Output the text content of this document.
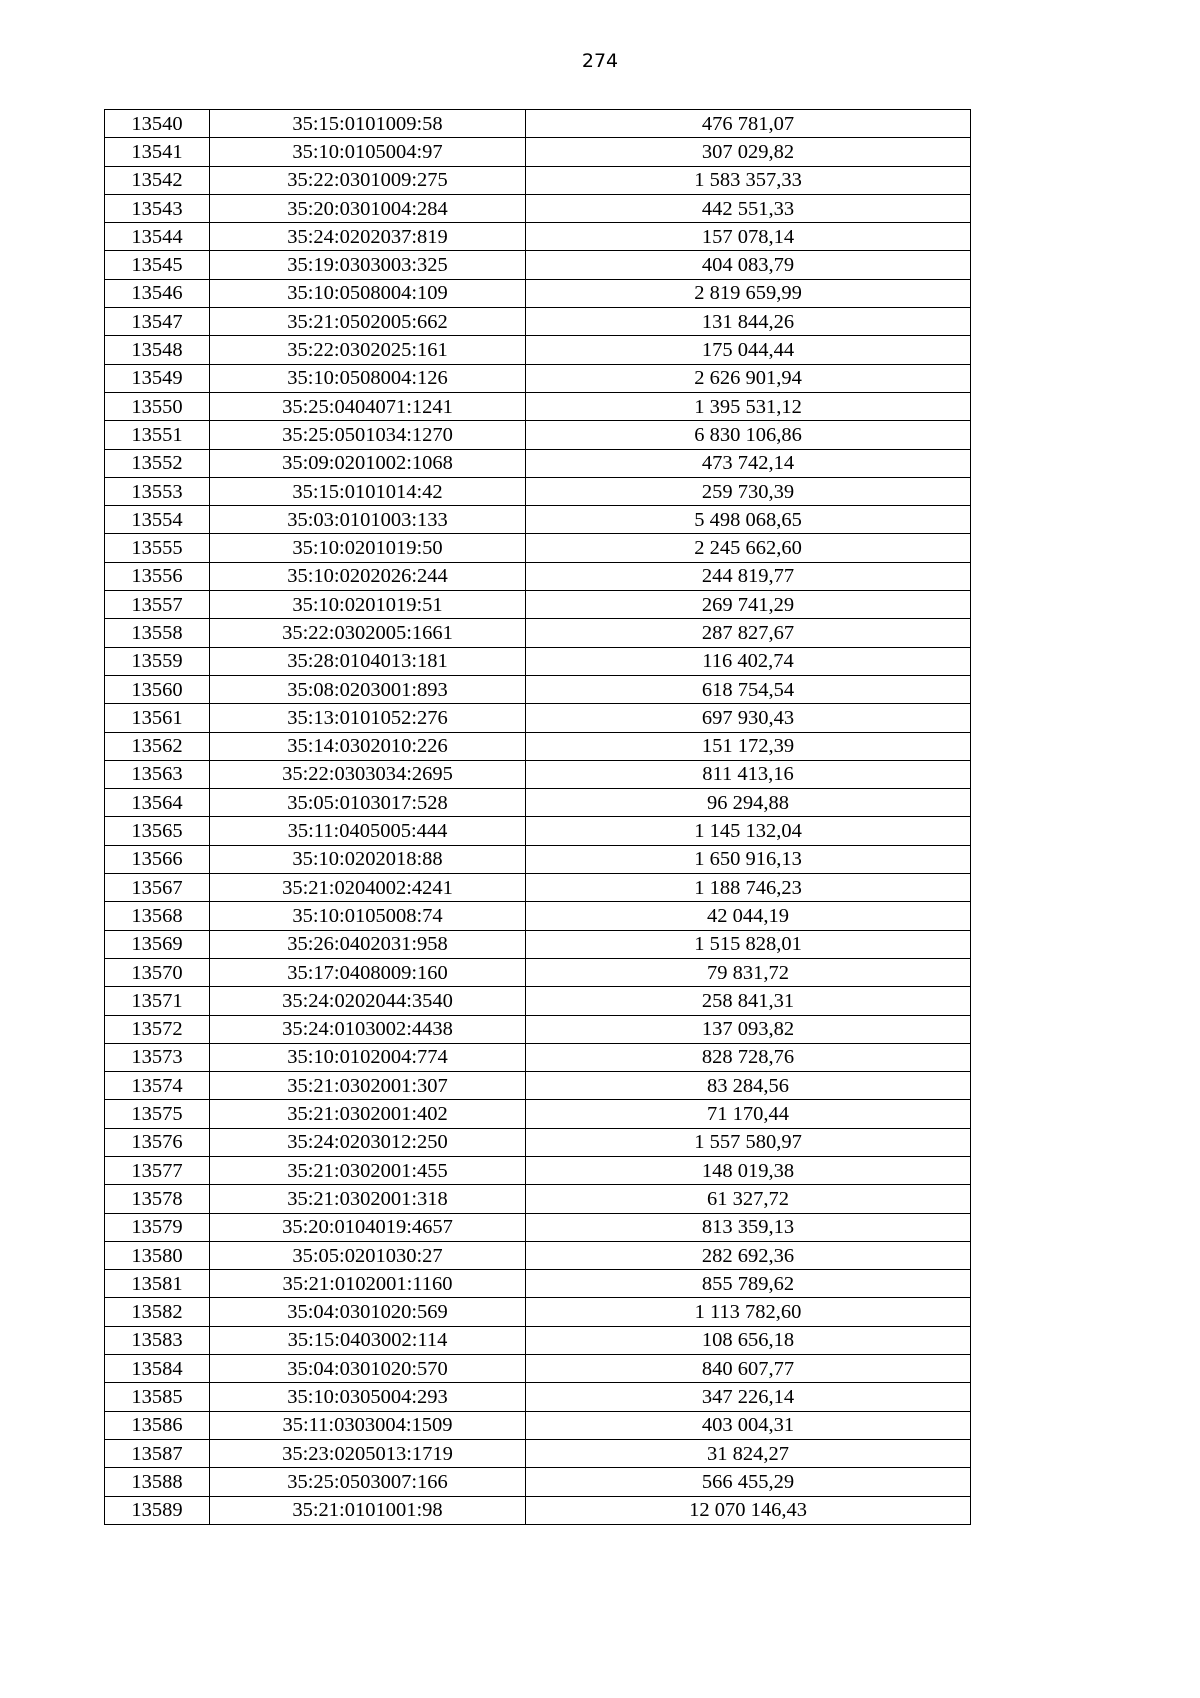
274
13540	35:15:0101009:58	476 781,07
13541	35:10:0105004:97	307 029,82
13542	35:22:0301009:275	1 583 357,33
13543	35:20:0301004:284	442 551,33
13544	35:24:0202037:819	157 078,14
13545	35:19:0303003:325	404 083,79
13546	35:10:0508004:109	2 819 659,99
13547	35:21:0502005:662	131 844,26
13548	35:22:0302025:161	175 044,44
13549	35:10:0508004:126	2 626 901,94
13550	35:25:0404071:1241	1 395 531,12
13551	35:25:0501034:1270	6 830 106,86
13552	35:09:0201002:1068	473 742,14
13553	35:15:0101014:42	259 730,39
13554	35:03:0101003:133	5 498 068,65
13555	35:10:0201019:50	2 245 662,60
13556	35:10:0202026:244	244 819,77
13557	35:10:0201019:51	269 741,29
13558	35:22:0302005:1661	287 827,67
13559	35:28:0104013:181	116 402,74
13560	35:08:0203001:893	618 754,54
13561	35:13:0101052:276	697 930,43
13562	35:14:0302010:226	151 172,39
13563	35:22:0303034:2695	811 413,16
13564	35:05:0103017:528	96 294,88
13565	35:11:0405005:444	1 145 132,04
13566	35:10:0202018:88	1 650 916,13
13567	35:21:0204002:4241	1 188 746,23
13568	35:10:0105008:74	42 044,19
13569	35:26:0402031:958	1 515 828,01
13570	35:17:0408009:160	79 831,72
13571	35:24:0202044:3540	258 841,31
13572	35:24:0103002:4438	137 093,82
13573	35:10:0102004:774	828 728,76
13574	35:21:0302001:307	83 284,56
13575	35:21:0302001:402	71 170,44
13576	35:24:0203012:250	1 557 580,97
13577	35:21:0302001:455	148 019,38
13578	35:21:0302001:318	61 327,72
13579	35:20:0104019:4657	813 359,13
13580	35:05:0201030:27	282 692,36
13581	35:21:0102001:1160	855 789,62
13582	35:04:0301020:569	1 113 782,60
13583	35:15:0403002:114	108 656,18
13584	35:04:0301020:570	840 607,77
13585	35:10:0305004:293	347 226,14
13586	35:11:0303004:1509	403 004,31
13587	35:23:0205013:1719	31 824,27
13588	35:25:0503007:166	566 455,29
13589	35:21:0101001:98	12 070 146,43
